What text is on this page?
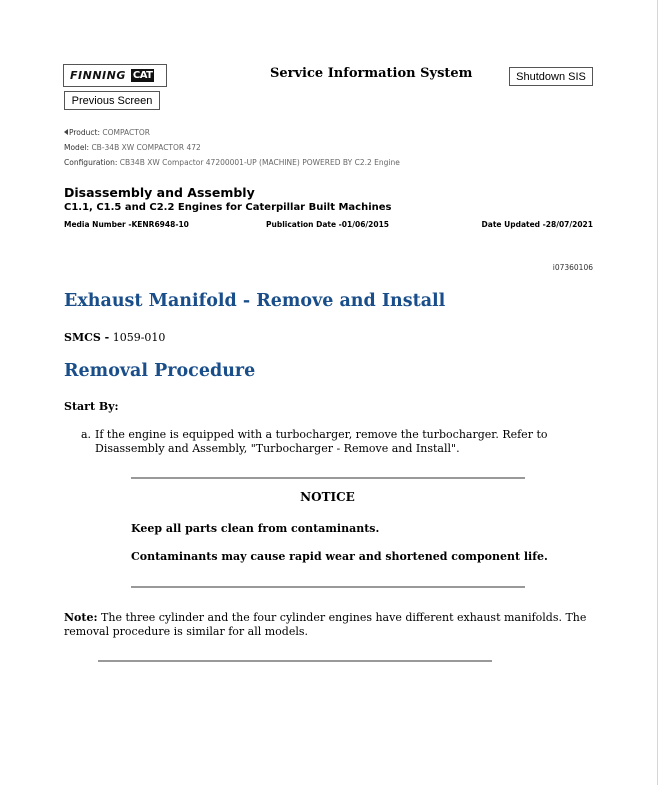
FINNING CAT	Service Information System	Shutdown SIS
Previous Screen
Product: COMPACTOR
Model: CB-34B XW COMPACTOR 472
Configuration: CB34B XW Compactor 47200001-UP (MACHINE) POWERED BY C2.2 Engine
Disassembly and Assembly
C1.1, C1.5 and C2.2 Engines for Caterpillar Built Machines
Media Number -KENR6948-10	Publication Date -01/06/2015	Date Updated -28/07/2021
i07360106
Exhaust Manifold - Remove and Install
SMCS - 1059-010
Removal Procedure
Start By:
a. If the engine is equipped with a turbocharger, remove the turbocharger. Refer to Disassembly and Assembly, "Turbocharger - Remove and Install".
NOTICE
Keep all parts clean from contaminants.
Contaminants may cause rapid wear and shortened component life.
Note: The three cylinder and the four cylinder engines have different exhaust manifolds. The removal procedure is similar for all models.
